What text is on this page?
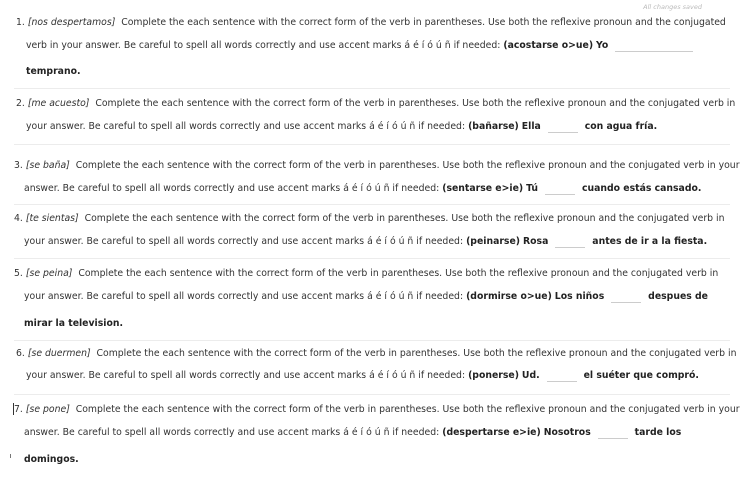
All changes saved
1. [nos despertamos] Complete the each sentence with the correct form of the verb in parentheses. Use both the reflexive pronoun and the conjugated
verb in your answer. Be careful to spell all words correctly and use accent marks á é í ó ú ñ if needed: (acostarse o>ue) Yo
temprano.
2. [me acuesto] Complete the each sentence with the correct form of the verb in parentheses. Use both the reflexive pronoun and the conjugated verb in
your answer. Be careful to spell all words correctly and use accent marks á é í ó ú ñ if needed: (bañarse) Ella	con agua fría.
3. [se baña] Complete the each sentence with the correct form of the verb in parentheses. Use both the reflexive pronoun and the conjugated verb in your
answer. Be careful to spell all words correctly and use accent marks á é í ó ú ñ if needed: (sentarse e>ie) Tú	cuando estás cansado.
4. [te sientas] Complete the each sentence with the correct form of the verb in parentheses. Use both the reflexive pronoun and the conjugated verb in
your answer. Be careful to spell all words correctly and use accent marks á é í ó ú ñ if needed: (peinarse) Rosa	antes de ir a la fiesta.
5. [se peina] Complete the each sentence with the correct form of the verb in parentheses. Use both the reflexive pronoun and the conjugated verb in
your answer. Be careful to spell all words correctly and use accent marks á é í ó ú ñ if needed: (dormirse o>ue) Los niños	despues de
mirar la television.
6. [se duermen] Complete the each sentence with the correct form of the verb in parentheses. Use both the reflexive pronoun and the conjugated verb in
your answer. Be careful to spell all words correctly and use accent marks á é í ó ú ñ if needed: (ponerse) Ud.	el suéter que compró.
7. [se pone] Complete the each sentence with the correct form of the verb in parentheses. Use both the reflexive pronoun and the conjugated verb in your
answer. Be careful to spell all words correctly and use accent marks á é í ó ú ñ if needed: (despertarse e>ie) Nosotros	tarde los
domingos.
